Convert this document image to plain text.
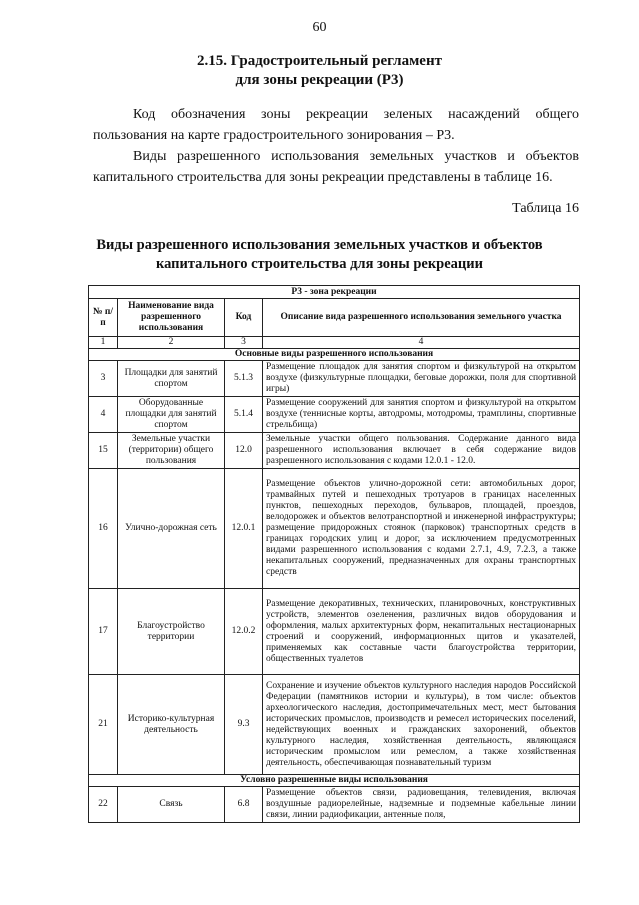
60
2.15. Градостроительный регламент
для зоны рекреации (Р3)
Код обозначения зоны рекреации зеленых насаждений общего пользования на карте градостроительного зонирования – Р3.
Виды разрешенного использования земельных участков и объектов капитального строительства для зоны рекреации представлены в таблице 16.
Таблица 16
Виды разрешенного использования земельных участков и объектов
капитального строительства для зоны рекреации
Р3 - зона рекреации			
№ п/п	Наименование вида разрешенного использования	Код	Описание вида разрешенного использования земельного участка
1	2	3	4
Основные виды разрешенного использования			
3	Площадки для занятий спортом	5.1.3	Размещение площадок для занятия спортом и физкультурой на открытом воздухе (физкультурные площадки, беговые дорожки, поля для спортивной игры)
4	Оборудованные площадки для занятий спортом	5.1.4	Размещение сооружений для занятия спортом и физкультурой на открытом воздухе (теннисные корты, автодромы, мотодромы, трамплины, спортивные стрельбища)
15	Земельные участки (территории) общего пользования	12.0	Земельные участки общего пользования. Содержание данного вида разрешенного использования включает в себя содержание видов разрешенного использования с кодами 12.0.1 - 12.0.
16	Улично-дорожная сеть	12.0.1	Размещение объектов улично-дорожной сети: автомобильных дорог, трамвайных путей и пешеходных тротуаров в границах населенных пунктов, пешеходных переходов, бульваров, площадей, проездов, велодорожек и объектов велотранспортной и инженерной инфраструктуры; размещение придорожных стоянок (парковок) транспортных средств в границах городских улиц и дорог, за исключением предусмотренных видами разрешенного использования с кодами 2.7.1, 4.9, 7.2.3, а также некапитальных сооружений, предназначенных для охраны транспортных средств
17	Благоустройство территории	12.0.2	Размещение декоративных, технических, планировочных, конструктивных устройств, элементов озеленения, различных видов оборудования и оформления, малых архитектурных форм, некапитальных нестационарных строений и сооружений, информационных щитов и указателей, применяемых как составные части благоустройства территории, общественных туалетов
21	Историко-культурная деятельность	9.3	Сохранение и изучение объектов культурного наследия народов Российской Федерации (памятников истории и культуры), в том числе: объектов археологического наследия, достопримечательных мест, мест бытования исторических промыслов, производств и ремесел исторических поселений, недействующих военных и гражданских захоронений, объектов культурного наследия, хозяйственная деятельность, являющаяся историческим промыслом или ремеслом, а также хозяйственная деятельность, обеспечивающая познавательный туризм
Условно разрешенные виды использования			
22	Связь	6.8	Размещение объектов связи, радиовещания, телевидения, включая воздушные радиорелейные, надземные и подземные кабельные линии связи, линии радиофикации, антенные поля,
